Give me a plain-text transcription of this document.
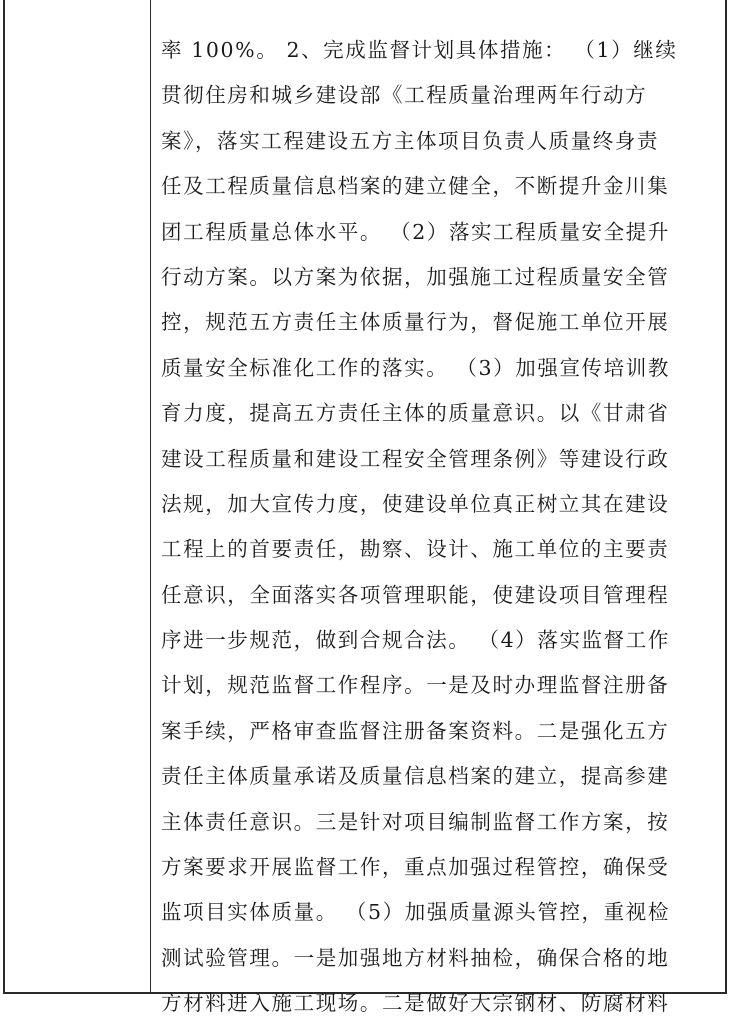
率 100%。 2、完成监督计划具体措施： （1）继续
贯彻住房和城乡建设部《工程质量治理两年行动方
案》，落实工程建设五方主体项目负责人质量终身责
任及工程质量信息档案的建立健全，不断提升金川集
团工程质量总体水平。 （2）落实工程质量安全提升
行动方案。以方案为依据，加强施工过程质量安全管
控，规范五方责任主体质量行为，督促施工单位开展
质量安全标准化工作的落实。 （3）加强宣传培训教
育力度，提高五方责任主体的质量意识。以《甘肃省
建设工程质量和建设工程安全管理条例》等建设行政
法规，加大宣传力度，使建设单位真正树立其在建设
工程上的首要责任，勘察、设计、施工单位的主要责
任意识，全面落实各项管理职能，使建设项目管理程
序进一步规范，做到合规合法。 （4）落实监督工作
计划，规范监督工作程序。一是及时办理监督注册备
案手续，严格审查监督注册备案资料。二是强化五方
责任主体质量承诺及质量信息档案的建立，提高参建
主体责任意识。三是针对项目编制监督工作方案，按
方案要求开展监督工作，重点加强过程管控，确保受
监项目实体质量。 （5）加强质量源头管控，重视检
测试验管理。一是加强地方材料抽检，确保合格的地
方材料进入施工现场。二是做好大宗钢材、防腐材料
